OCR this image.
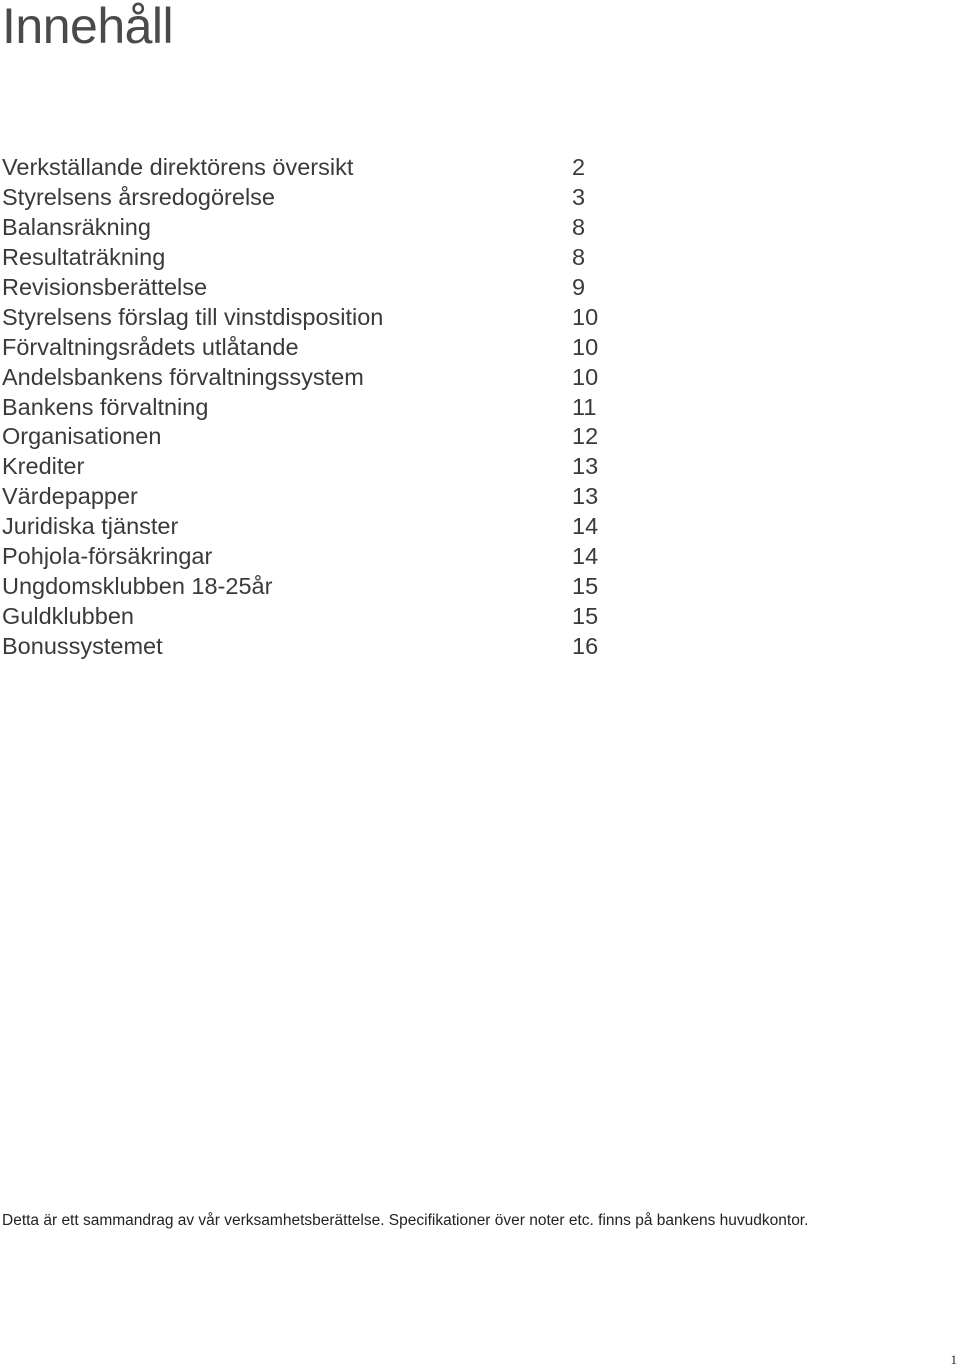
Innehåll
Verkställande direktörens översikt	2
Styrelsens årsredogörelse	3
Balansräkning	8
Resultaträkning	8
Revisionsberättelse	9
Styrelsens förslag till vinstdisposition	10
Förvaltningsrådets utlåtande	10
Andelsbankens förvaltningssystem	10
Bankens förvaltning	11
Organisationen	12
Krediter	13
Värdepapper	13
Juridiska tjänster	14
Pohjola-försäkringar	14
Ungdomsklubben 18-25år	15
Guldklubben	15
Bonussystemet	16
Detta är ett sammandrag av vår verksamhetsberättelse. Specifikationer över noter etc. finns på bankens huvudkontor.
1
